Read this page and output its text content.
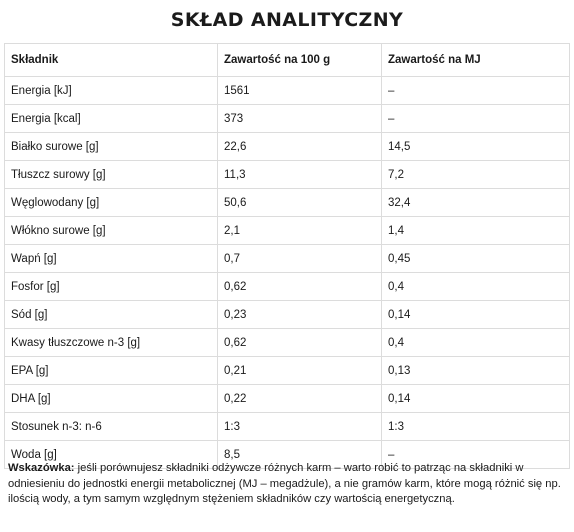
SKŁAD ANALITYCZNY
Składnik	Zawartość na 100 g	Zawartość na MJ
Energia [kJ]	1561	–
Energia [kcal]	373	–
Białko surowe [g]	22,6	14,5
Tłuszcz surowy [g]	11,3	7,2
Węglowodany [g]	50,6	32,4
Włókno surowe [g]	2,1	1,4
Wapń [g]	0,7	0,45
Fosfor [g]	0,62	0,4
Sód [g]	0,23	0,14
Kwasy tłuszczowe n-3 [g]	0,62	0,4
EPA [g]	0,21	0,13
DHA [g]	0,22	0,14
Stosunek n-3: n-6	1:3	1:3
Woda [g]	8,5	–
Wskazówka: jeśli porównujesz składniki odżywcze różnych karm – warto robić to patrząc na składniki w odniesieniu do jednostki energii metabolicznej (MJ – megadżule), a nie gramów karm, które mogą różnić się np. ilością wody, a tym samym względnym stężeniem składników czy wartością energetyczną.
